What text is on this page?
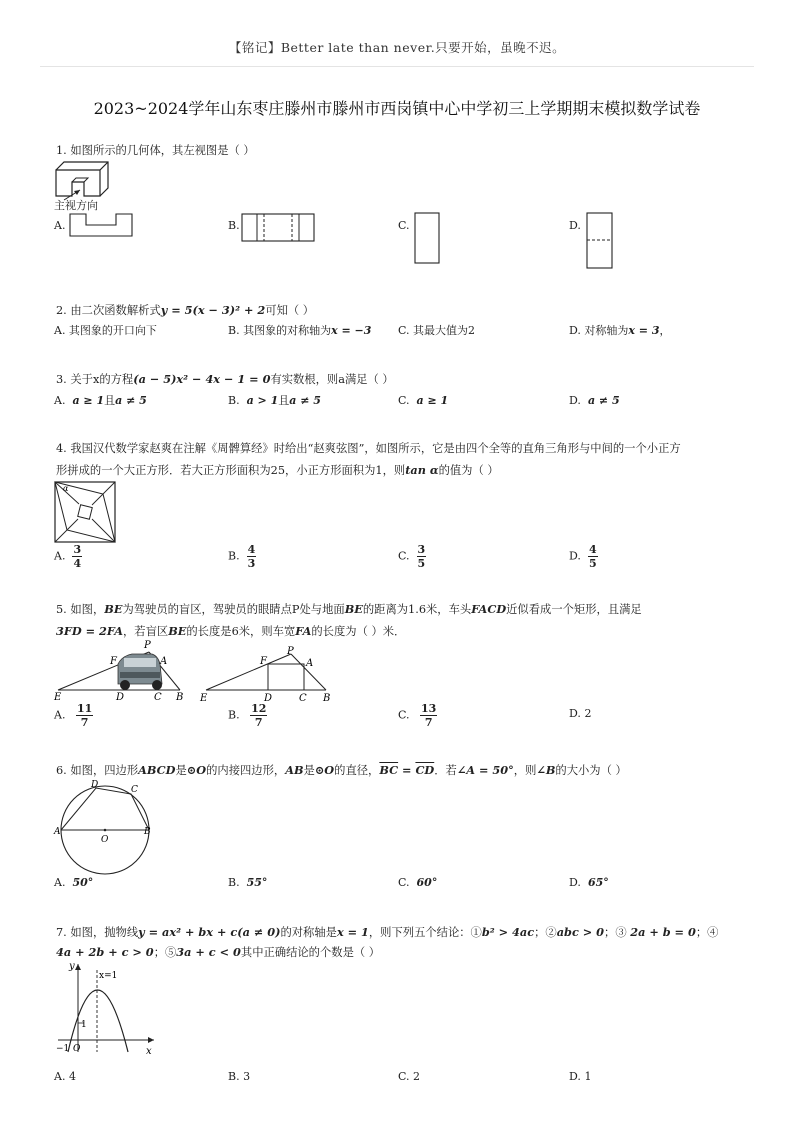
【铭记】Better late than never.只要开始，虽晚不迟。
2023~2024学年山东枣庄滕州市滕州市西岗镇中心中学初三上学期期末模拟数学试卷
1. 如图所示的几何体，其左视图是（ ）
主视方向
A.	B.	C.	D.
2. 由二次函数解析式y = 5(x − 3)² + 2可知（ ）
A. 其图象的开口向下	B. 其图象的对称轴为x = −3 C. 其最大值为2	D. 对称轴为x = 3，
3. 关于x的方程(a − 5)x² − 4x − 1 = 0有实数根，则a满足（ ）
A. a ≥ 1且a ≠ 5	B. a > 1且a ≠ 5	C. a ≥ 1	D. a ≠ 5
4. 我国汉代数学家赵爽在注解《周髀算经》时给出“赵爽弦图”，如图所示，它是由四个全等的直角三角形与中间的一个小正方
形拼成的一个大正方形．若大正方形面积为25，小正方形面积为1，则tan α的值为（ ）
α
A. $\frac{3}{4}$	B. $\frac{4}{3}$	C. $\frac{3}{5}$	D. $\frac{4}{5}$
5. 如图，BE为驾驶员的盲区，驾驶员的眼睛点P处与地面BE的距离为1.6米，车头FACD近似看成一个矩形，且满足
3FD = 2FA，若盲区BE的长度是6米，则车宽FA的长度为（ ）米．
P
F	A
E	D	C B
P
F	A
E	D	C B
A. $\frac{11}{7}$	B. $\frac{12}{7}$	C. $\frac{13}{7}$	D. 2
6. 如图，四边形ABCD是⊙O的内接四边形，AB是⊙O的直径，$\overline{BC} = \overline{CD}$．若∠A = 50°，则∠B的大小为（ ）
A	B
C
D
O
A. 50°	B. 55°	C. 60°	D. 65°
7. 如图，抛物线y = ax² + bx + c(a ≠ 0)的对称轴是x = 1，则下列五个结论：①b² > 4ac；②abc > 0；③ 2a + b = 0；④
4a + 2b + c > 0；⑤3a + c < 0其中正确结论的个数是（ ）
y
x
x=1
1
−1 O
A. 4	B. 3	C. 2	D. 1
